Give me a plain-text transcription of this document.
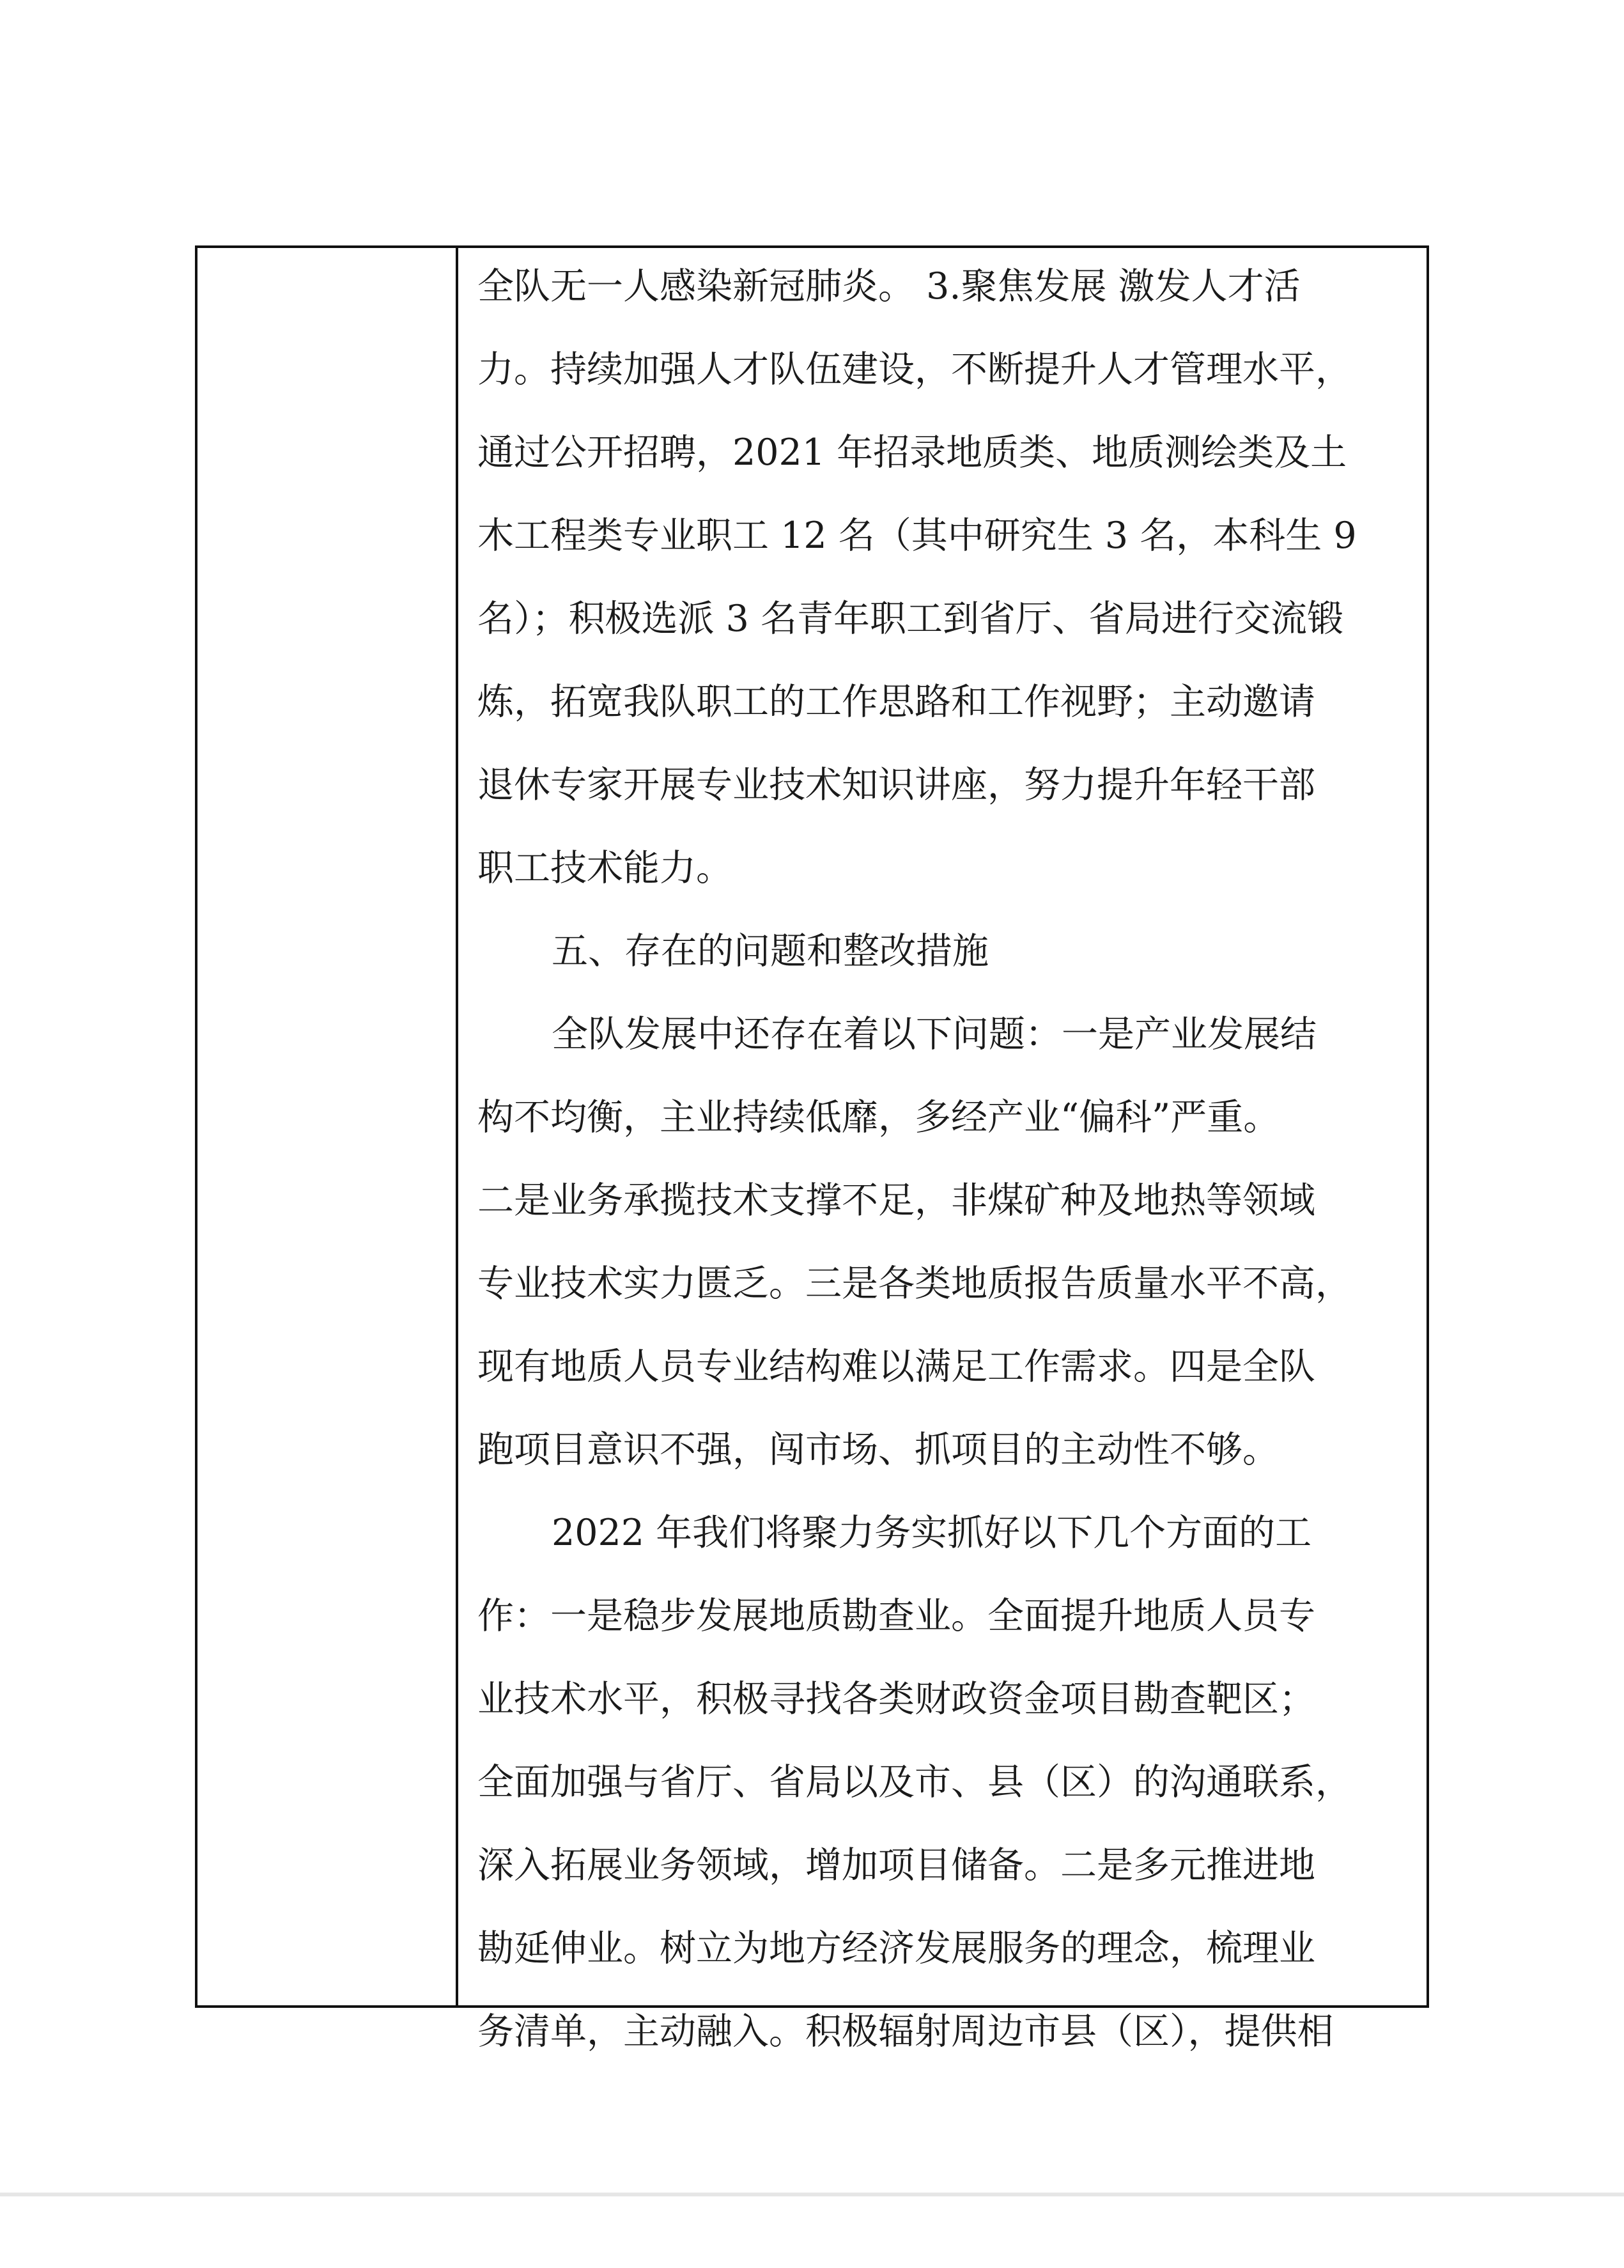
全队无一人感染新冠肺炎。 3.聚焦发展 激发人才活
力。持续加强人才队伍建设，不断提升人才管理水平，
通过公开招聘，2021 年招录地质类、地质测绘类及土
木工程类专业职工 12 名（其中研究生 3 名，本科生 9
名）；积极选派 3 名青年职工到省厅、省局进行交流锻
炼，拓宽我队职工的工作思路和工作视野；主动邀请
退休专家开展专业技术知识讲座，努力提升年轻干部
职工技术能力。
五、存在的问题和整改措施
全队发展中还存在着以下问题：一是产业发展结
构不均衡，主业持续低靡，多经产业“偏科”严重。
二是业务承揽技术支撑不足，非煤矿种及地热等领域
专业技术实力匮乏。三是各类地质报告质量水平不高，
现有地质人员专业结构难以满足工作需求。四是全队
跑项目意识不强，闯市场、抓项目的主动性不够。
2022 年我们将聚力务实抓好以下几个方面的工
作：一是稳步发展地质勘查业。全面提升地质人员专
业技术水平，积极寻找各类财政资金项目勘查靶区；
全面加强与省厅、省局以及市、县（区）的沟通联系，
深入拓展业务领域，增加项目储备。二是多元推进地
勘延伸业。树立为地方经济发展服务的理念，梳理业
务清单，主动融入。积极辐射周边市县（区），提供相
